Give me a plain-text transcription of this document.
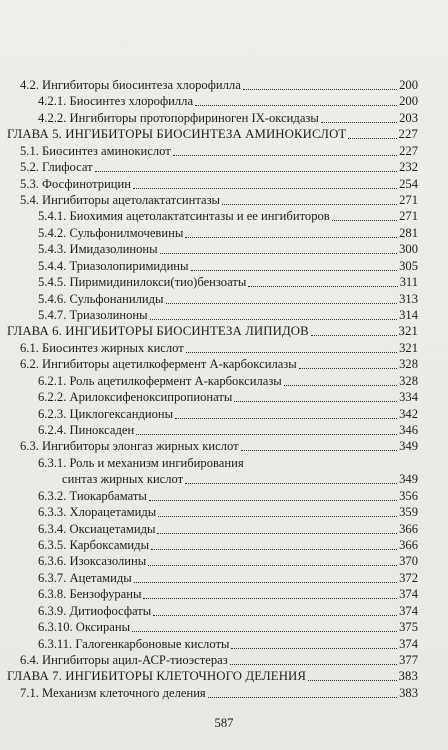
4.2. Ингибиторы биосинтеза хлорофилла	200
4.2.1. Биосинтез хлорофилла	200
4.2.2. Ингибиторы протопорфириноген IX-оксидазы	203
ГЛАВА 5. ИНГИБИТОРЫ БИОСИНТЕЗА АМИНОКИСЛОТ	227
5.1. Биосинтез аминокислот	227
5.2. Глифосат	232
5.3. Фосфинотрицин	254
5.4. Ингибиторы ацетолактатсинтазы	271
5.4.1. Биохимия ацетолактатсинтазы и ее ингибиторов	271
5.4.2. Сульфонилмочевины	281
5.4.3. Имидазолиноны	300
5.4.4. Триазолопиримидины	305
5.4.5. Пиримидинилокси(тио)бензоаты	311
5.4.6. Сульфонанилиды	313
5.4.7. Триазолиноны	314
ГЛАВА 6. ИНГИБИТОРЫ БИОСИНТЕЗА ЛИПИДОВ	321
6.1. Биосинтез жирных кислот	321
6.2. Ингибиторы ацетилкофермент А-карбоксилазы	328
6.2.1. Роль ацетилкофермент А-карбоксилазы	328
6.2.2. Арилоксифеноксипропионаты	334
6.2.3. Циклогександионы	342
6.2.4. Пиноксаден	346
6.3. Ингибиторы элонгаз жирных кислот	349
6.3.1. Роль и механизм ингибирования
синтаз жирных кислот	349
6.3.2. Тиокарбаматы	356
6.3.3. Хлорацетамиды	359
6.3.4. Оксиацетамиды	366
6.3.5. Карбоксамиды	366
6.3.6. Изоксазолины	370
6.3.7. Ацетамиды	372
6.3.8. Бензофураны	374
6.3.9. Дитиофосфаты	374
6.3.10. Оксираны	375
6.3.11. Галогенкарбоновые кислоты	374
6.4. Ингибиторы ацил-АСР-тиоэстераз	377
ГЛАВА 7. ИНГИБИТОРЫ КЛЕТОЧНОГО ДЕЛЕНИЯ	383
7.1. Механизм клеточного деления	383
587
